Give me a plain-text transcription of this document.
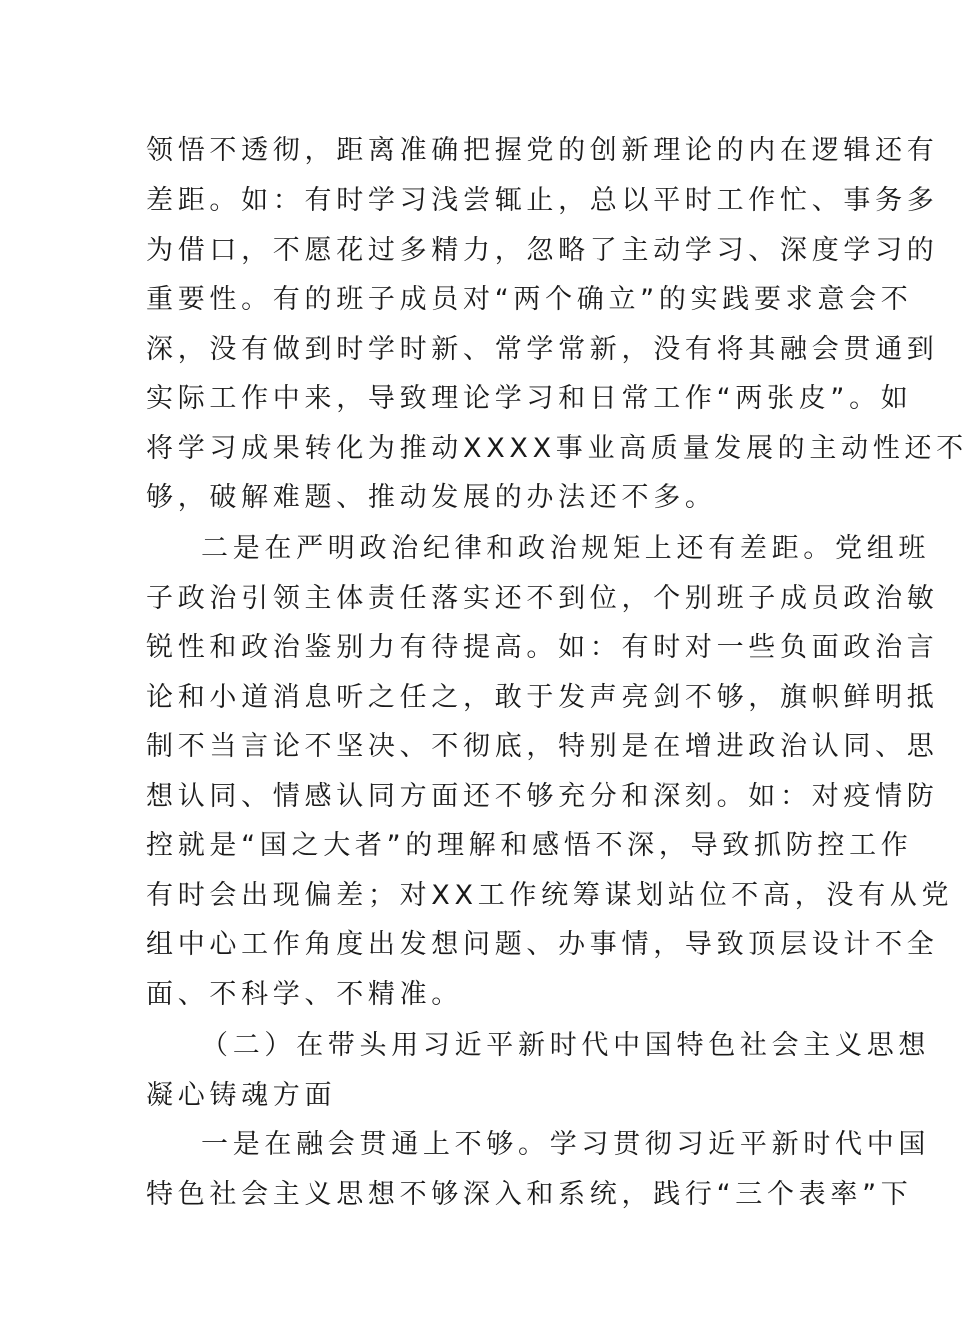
领悟不透彻，距离准确把握党的创新理论的内在逻辑还有
差距。如：有时学习浅尝辄止，总以平时工作忙、事务多
为借口，不愿花过多精力，忽略了主动学习、深度学习的
重要性。有的班子成员对“两个确立”的实践要求意会不
深，没有做到时学时新、常学常新，没有将其融会贯通到
实际工作中来，导致理论学习和日常工作“两张皮”。如
将学习成果转化为推动XXXX事业高质量发展的主动性还不
够，破解难题、推动发展的办法还不多。
二是在严明政治纪律和政治规矩上还有差距。党组班
子政治引领主体责任落实还不到位，个别班子成员政治敏
锐性和政治鉴别力有待提高。如：有时对一些负面政治言
论和小道消息听之任之，敢于发声亮剑不够，旗帜鲜明抵
制不当言论不坚决、不彻底，特别是在增进政治认同、思
想认同、情感认同方面还不够充分和深刻。如：对疫情防
控就是“国之大者”的理解和感悟不深，导致抓防控工作
有时会出现偏差；对XX工作统筹谋划站位不高，没有从党
组中心工作角度出发想问题、办事情，导致顶层设计不全
面、不科学、不精准。
（二）在带头用习近平新时代中国特色社会主义思想
凝心铸魂方面
一是在融会贯通上不够。学习贯彻习近平新时代中国
特色社会主义思想不够深入和系统，践行“三个表率”下
